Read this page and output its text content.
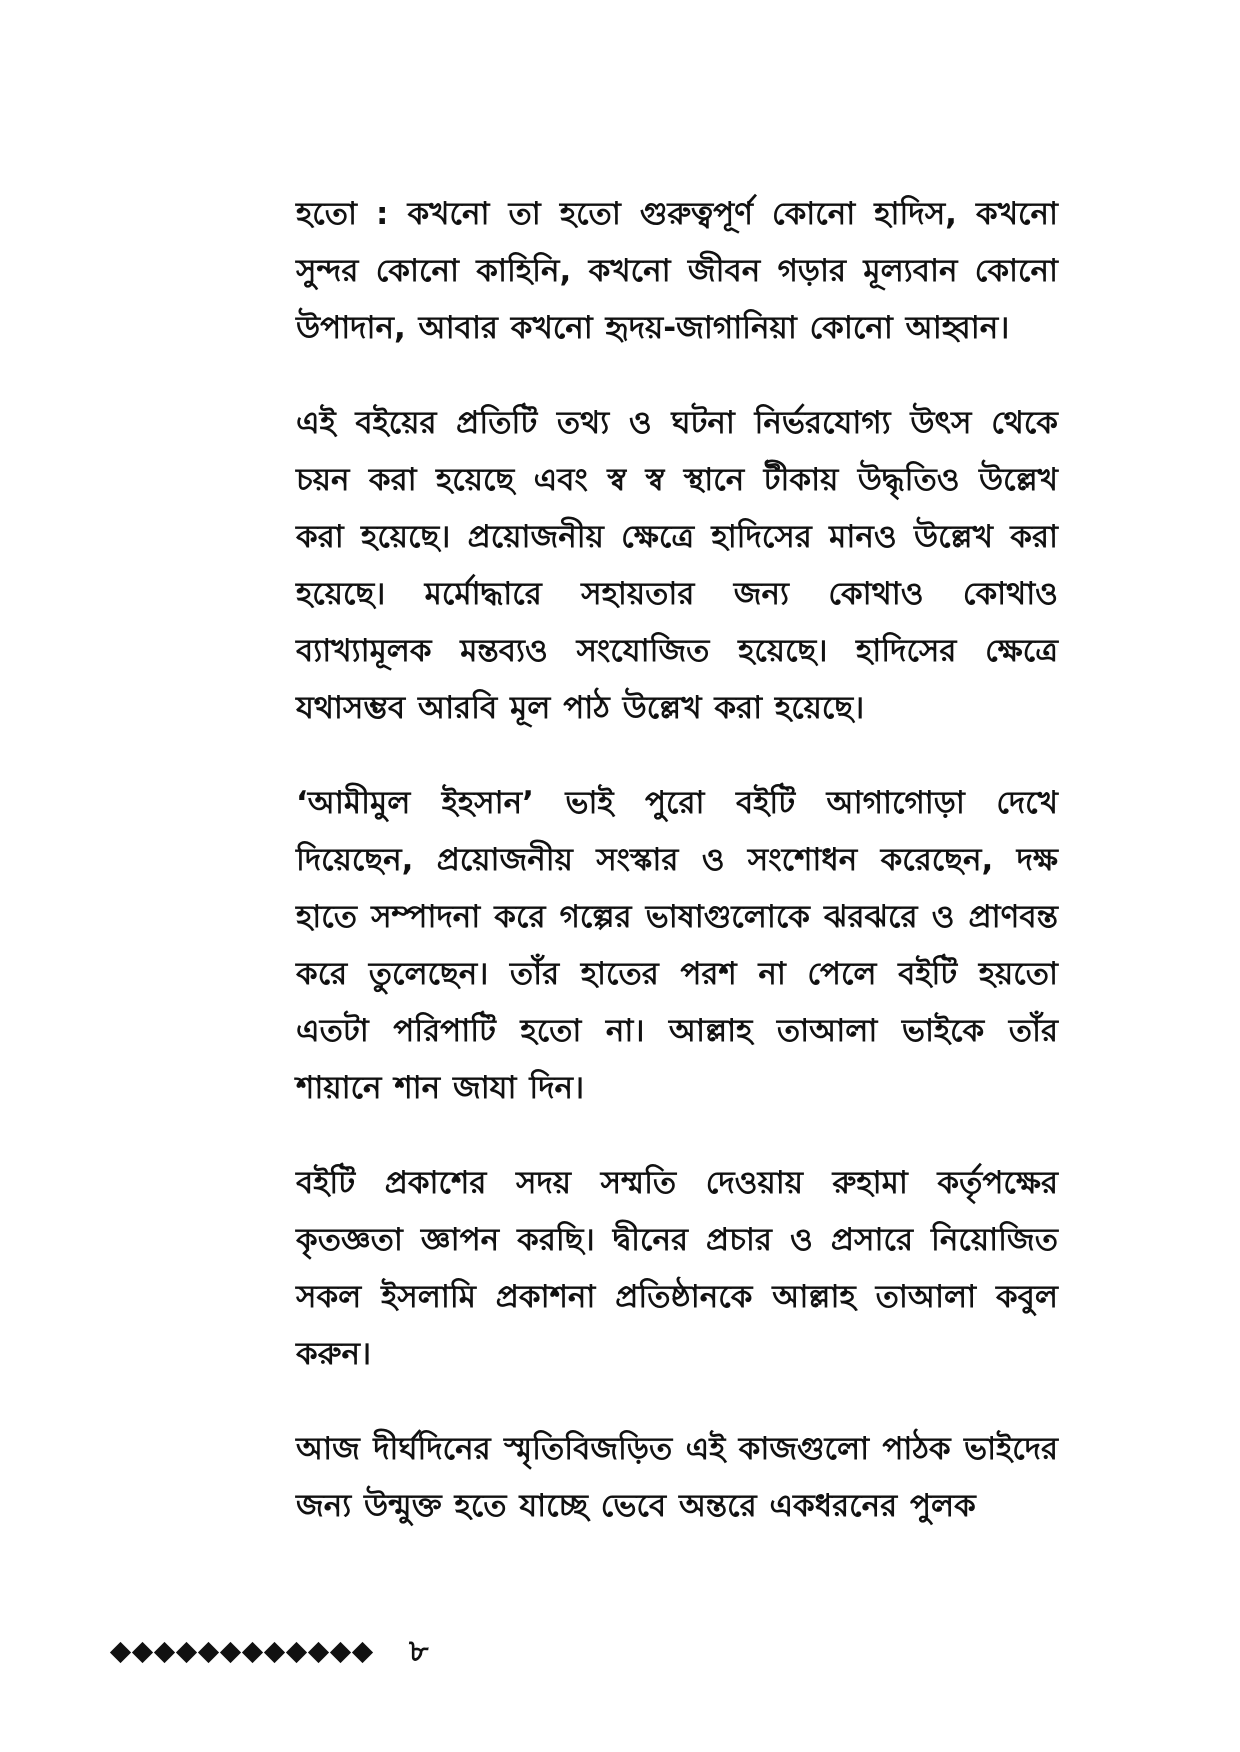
হতো : কখনো তা হতো গুরুত্বপূর্ণ কোনো হাদিস, কখনো সুন্দর কোনো কাহিনি, কখনো জীবন গড়ার মূল্যবান কোনো উপাদান, আবার কখনো হৃদয়-জাগানিয়া কোনো আহ্বান।

এই বইয়ের প্রতিটি তথ্য ও ঘটনা নির্ভরযোগ্য উৎস থেকে চয়ন করা হয়েছে এবং স্ব স্ব স্থানে টীকায় উদ্ধৃতিও উল্লেখ করা হয়েছে। প্রয়োজনীয় ক্ষেত্রে হাদিসের মানও উল্লেখ করা হয়েছে। মর্মোদ্ধারে সহায়তার জন্য কোথাও কোথাও ব্যাখ্যামূলক মন্তব্যও সংযোজিত হয়েছে। হাদিসের ক্ষেত্রে যথাসম্ভব আরবি মূল পাঠ উল্লেখ করা হয়েছে।

‘আমীমুল ইহসান’ ভাই পুরো বইটি আগাগোড়া দেখে দিয়েছেন, প্রয়োজনীয় সংস্কার ও সংশোধন করেছেন, দক্ষ হাতে সম্পাদনা করে গল্পের ভাষাগুলোকে ঝরঝরে ও প্রাণবন্ত করে তুলেছেন। তাঁর হাতের পরশ না পেলে বইটি হয়তো এতটা পরিপাটি হতো না। আল্লাহ তাআলা ভাইকে তাঁর শায়ানে শান জাযা দিন।

বইটি প্রকাশের সদয় সম্মতি দেওয়ায় রুহামা কর্তৃপক্ষের কৃতজ্ঞতা জ্ঞাপন করছি। দ্বীনের প্রচার ও প্রসারে নিয়োজিত সকল ইসলামি প্রকাশনা প্রতিষ্ঠানকে আল্লাহ তাআলা কবুল করুন।

আজ দীর্ঘদিনের স্মৃতিবিজড়িত এই কাজগুলো পাঠক ভাইদের জন্য উন্মুক্ত হতে যাচ্ছে ভেবে অন্তরে একধরনের পুলক

৮
